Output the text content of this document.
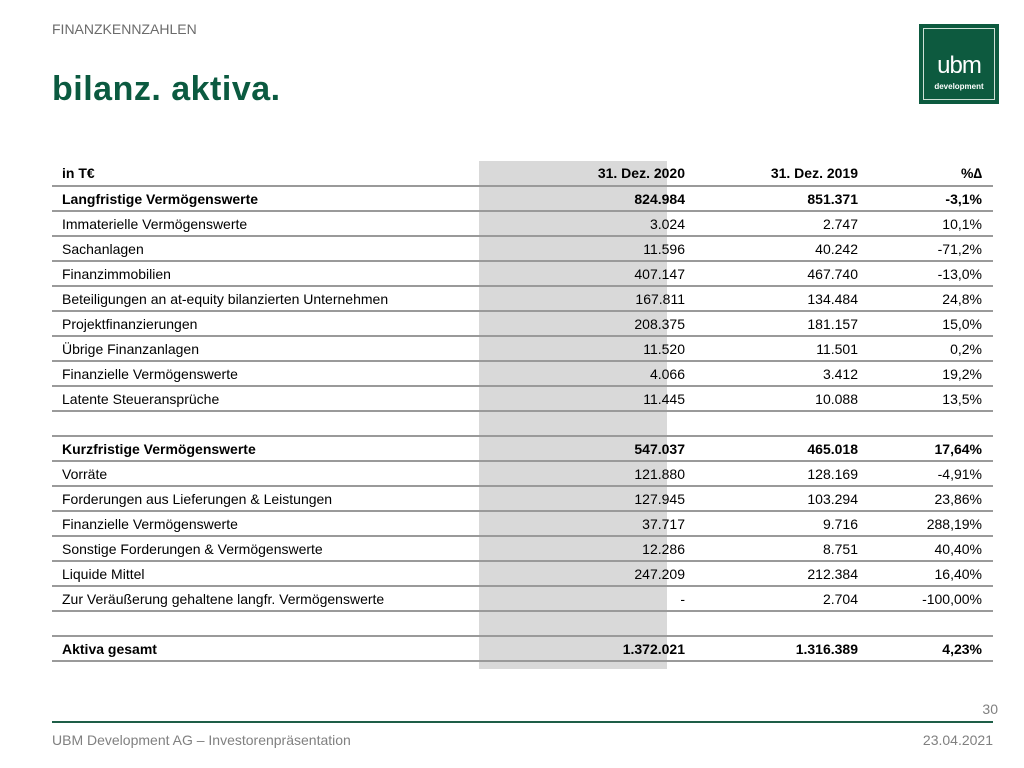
FINANZKENNZAHLEN
bilanz. aktiva.
ubm
development
in T€	31. Dez. 2020	31. Dez. 2019	%∆
Langfristige Vermögenswerte	824.984	851.371	-3,1%
Immaterielle Vermögenswerte	3.024	2.747	10,1%
Sachanlagen	11.596	40.242	-71,2%
Finanzimmobilien	407.147	467.740	-13,0%
Beteiligungen an at-equity bilanzierten Unternehmen	167.811	134.484	24,8%
Projektfinanzierungen	208.375	181.157	15,0%
Übrige Finanzanlagen	11.520	11.501	0,2%
Finanzielle Vermögenswerte	4.066	3.412	19,2%
Latente Steueransprüche	11.445	10.088	13,5%
Kurzfristige Vermögenswerte	547.037	465.018	17,64%
Vorräte	121.880	128.169	-4,91%
Forderungen aus Lieferungen & Leistungen	127.945	103.294	23,86%
Finanzielle Vermögenswerte	37.717	9.716	288,19%
Sonstige Forderungen & Vermögenswerte	12.286	8.751	40,40%
Liquide Mittel	247.209	212.384	16,40%
Zur Veräußerung gehaltene langfr. Vermögenswerte	-	2.704	-100,00%
Aktiva gesamt	1.372.021	1.316.389	4,23%
30
UBM Development AG – Investorenpräsentation	23.04.2021
